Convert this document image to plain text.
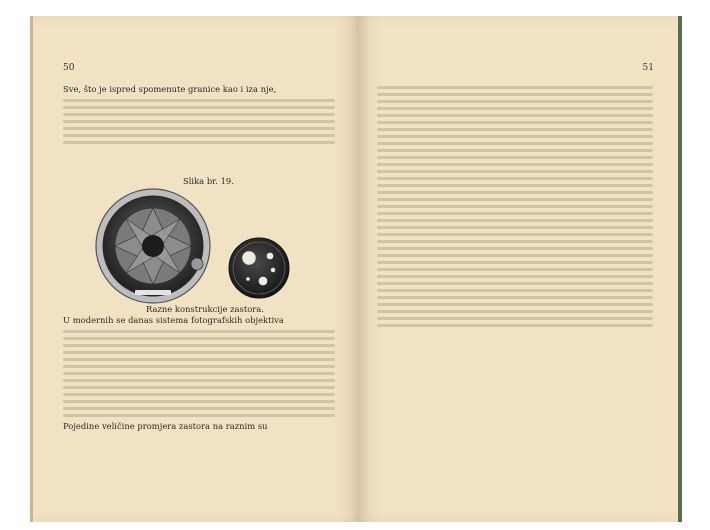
50
Sve, što je ispred spomenute granice kao i iza nje,
Slika br. 19.
Razne konstrukcije zastora.
U modernih se danas sistema fotografskih objektiva
Pojedine veličine promjera zastora na raznim su
51
